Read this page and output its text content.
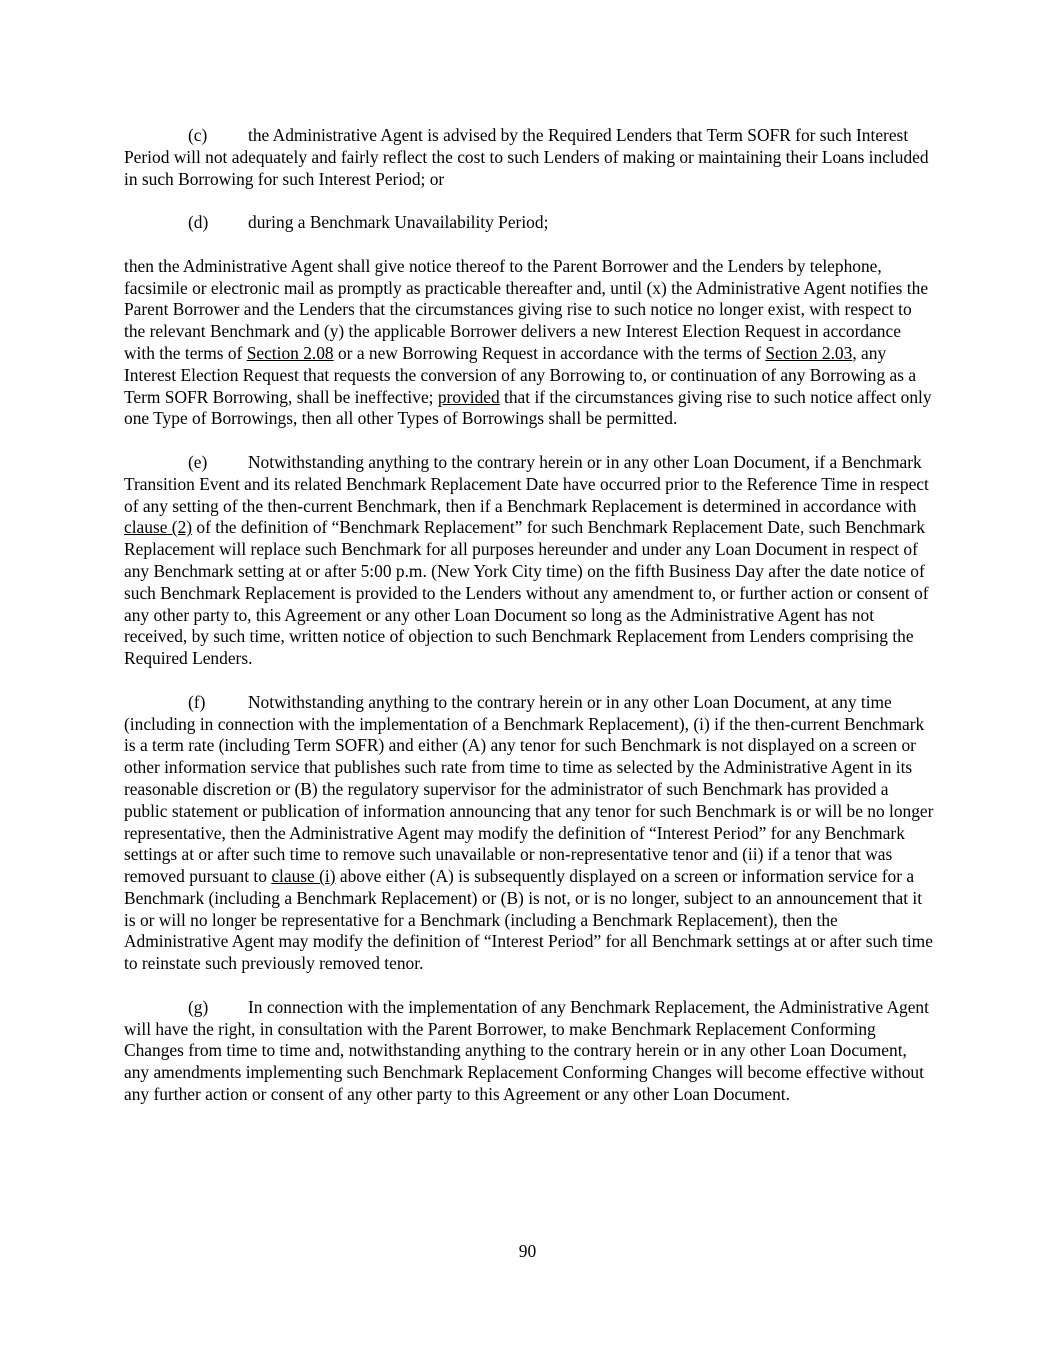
(c) the Administrative Agent is advised by the Required Lenders that Term SOFR for such Interest Period will not adequately and fairly reflect the cost to such Lenders of making or maintaining their Loans included in such Borrowing for such Interest Period; or

(d) during a Benchmark Unavailability Period;

then the Administrative Agent shall give notice thereof to the Parent Borrower and the Lenders by telephone, facsimile or electronic mail as promptly as practicable thereafter and, until (x) the Administrative Agent notifies the Parent Borrower and the Lenders that the circumstances giving rise to such notice no longer exist, with respect to the relevant Benchmark and (y) the applicable Borrower delivers a new Interest Election Request in accordance with the terms of Section 2.08 or a new Borrowing Request in accordance with the terms of Section 2.03, any Interest Election Request that requests the conversion of any Borrowing to, or continuation of any Borrowing as a Term SOFR Borrowing, shall be ineffective; provided that if the circumstances giving rise to such notice affect only one Type of Borrowings, then all other Types of Borrowings shall be permitted.

(e) Notwithstanding anything to the contrary herein or in any other Loan Document, if a Benchmark Transition Event and its related Benchmark Replacement Date have occurred prior to the Reference Time in respect of any setting of the then-current Benchmark, then if a Benchmark Replacement is determined in accordance with clause (2) of the definition of “Benchmark Replacement” for such Benchmark Replacement Date, such Benchmark Replacement will replace such Benchmark for all purposes hereunder and under any Loan Document in respect of any Benchmark setting at or after 5:00 p.m. (New York City time) on the fifth Business Day after the date notice of such Benchmark Replacement is provided to the Lenders without any amendment to, or further action or consent of any other party to, this Agreement or any other Loan Document so long as the Administrative Agent has not received, by such time, written notice of objection to such Benchmark Replacement from Lenders comprising the Required Lenders.

(f) Notwithstanding anything to the contrary herein or in any other Loan Document, at any time (including in connection with the implementation of a Benchmark Replacement), (i) if the then-current Benchmark is a term rate (including Term SOFR) and either (A) any tenor for such Benchmark is not displayed on a screen or other information service that publishes such rate from time to time as selected by the Administrative Agent in its reasonable discretion or (B) the regulatory supervisor for the administrator of such Benchmark has provided a public statement or publication of information announcing that any tenor for such Benchmark is or will be no longer representative, then the Administrative Agent may modify the definition of “Interest Period” for any Benchmark settings at or after such time to remove such unavailable or non-representative tenor and (ii) if a tenor that was removed pursuant to clause (i) above either (A) is subsequently displayed on a screen or information service for a Benchmark (including a Benchmark Replacement) or (B) is not, or is no longer, subject to an announcement that it is or will no longer be representative for a Benchmark (including a Benchmark Replacement), then the Administrative Agent may modify the definition of “Interest Period” for all Benchmark settings at or after such time to reinstate such previously removed tenor.

(g) In connection with the implementation of any Benchmark Replacement, the Administrative Agent will have the right, in consultation with the Parent Borrower, to make Benchmark Replacement Conforming Changes from time to time and, notwithstanding anything to the contrary herein or in any other Loan Document, any amendments implementing such Benchmark Replacement Conforming Changes will become effective without any further action or consent of any other party to this Agreement or any other Loan Document.

90
